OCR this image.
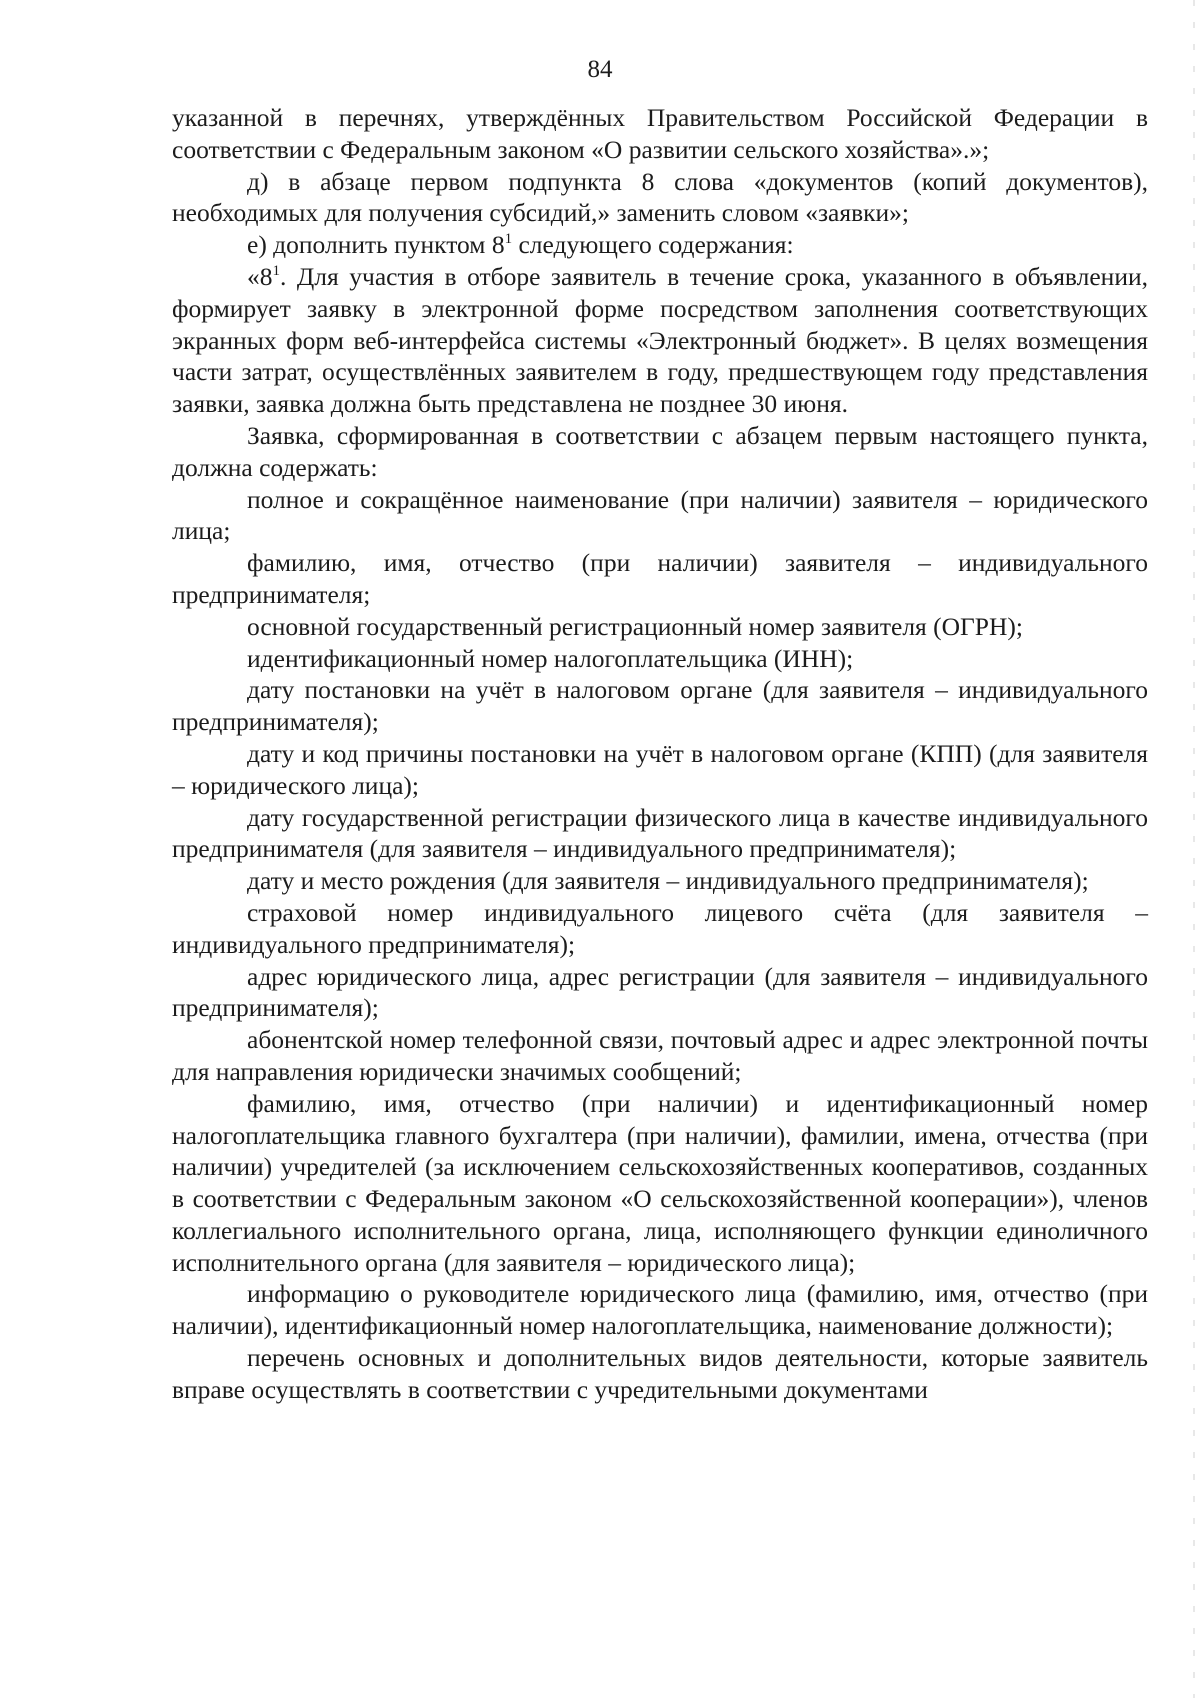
84

указанной в перечнях, утверждённых Правительством Российской Федерации в соответствии с Федеральным законом «О развитии сельского хозяйства».»;

д) в абзаце первом подпункта 8 слова «документов (копий документов), необходимых для получения субсидий,» заменить словом «заявки»;

е) дополнить пунктом $8^1$ следующего содержания:

«$8^1$. Для участия в отборе заявитель в течение срока, указанного в объявлении, формирует заявку в электронной форме посредством заполнения соответствующих экранных форм веб-интерфейса системы «Электронный бюджет». В целях возмещения части затрат, осуществлённых заявителем в году, предшествующем году представления заявки, заявка должна быть представлена не позднее 30 июня.

Заявка, сформированная в соответствии с абзацем первым настоящего пункта, должна содержать:

полное и сокращённое наименование (при наличии) заявителя – юридического лица;

фамилию, имя, отчество (при наличии) заявителя – индивидуального предпринимателя;

основной государственный регистрационный номер заявителя (ОГРН);

идентификационный номер налогоплательщика (ИНН);

дату постановки на учёт в налоговом органе (для заявителя – индивидуального предпринимателя);

дату и код причины постановки на учёт в налоговом органе (КПП) (для заявителя – юридического лица);

дату государственной регистрации физического лица в качестве индивидуального предпринимателя (для заявителя – индивидуального предпринимателя);

дату и место рождения (для заявителя – индивидуального предпринимателя);

страховой номер индивидуального лицевого счёта (для заявителя – индивидуального предпринимателя);

адрес юридического лица, адрес регистрации (для заявителя – индивидуального предпринимателя);

абонентской номер телефонной связи, почтовый адрес и адрес электронной почты для направления юридически значимых сообщений;

фамилию, имя, отчество (при наличии) и идентификационный номер налогоплательщика главного бухгалтера (при наличии), фамилии, имена, отчества (при наличии) учредителей (за исключением сельскохозяйственных кооперативов, созданных в соответствии с Федеральным законом «О сельскохозяйственной кооперации»), членов коллегиального исполнительного органа, лица, исполняющего функции единоличного исполнительного органа (для заявителя – юридического лица);

информацию о руководителе юридического лица (фамилию, имя, отчество (при наличии), идентификационный номер налогоплательщика, наименование должности);

перечень основных и дополнительных видов деятельности, которые заявитель вправе осуществлять в соответствии с учредительными документами
